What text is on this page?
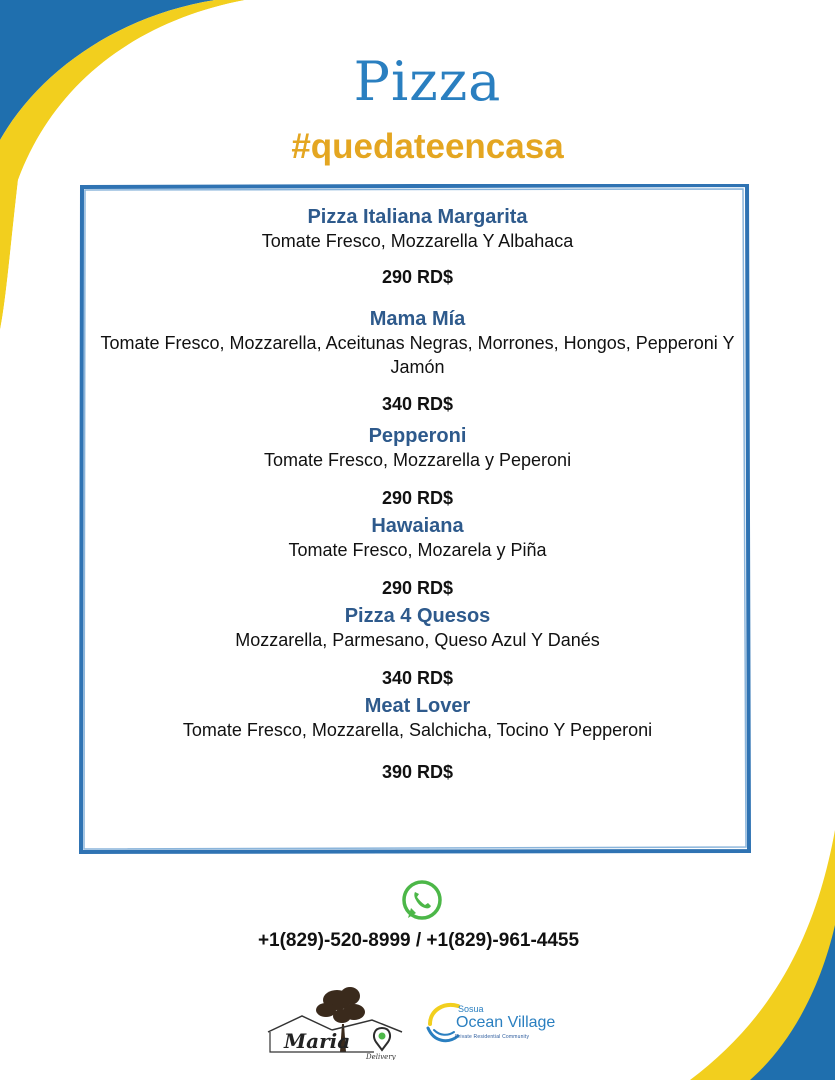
Pizza
#quedateencasa
Pizza Italiana Margarita
Tomate Fresco, Mozzarella Y Albahaca
290 RD$
Mama Mía
Tomate Fresco, Mozzarella, Aceitunas Negras, Morrones, Hongos, Pepperoni Y Jamón
340 RD$
Pepperoni
Tomate Fresco, Mozzarella y Peperoni
290 RD$
Hawaiana
Tomate Fresco, Mozarela y Piña
290 RD$
Pizza 4 Quesos
Mozzarella, Parmesano, Queso Azul Y Danés
340 RD$
Meat Lover
Tomate Fresco, Mozzarella, Salchicha, Tocino Y Pepperoni
390 RD$
+1(829)-520-8999 / +1(829)-961-4455
Maria
Delivery
Sosua
Ocean Village
Private Residential Community
